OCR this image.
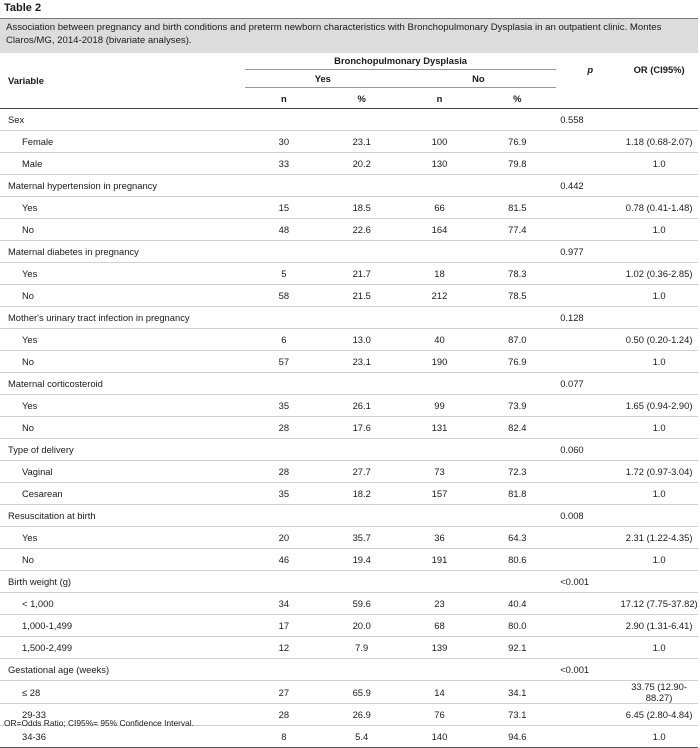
Table 2
Association between pregnancy and birth conditions and preterm newborn characteristics with Bronchopulmonary Dysplasia in an outpatient clinic. Montes Claros/MG, 2014-2018 (bivariate analyses).
Variable	Bronchopulmonary Dysplasia				p	OR (CI95%)
	Yes		No			
	n	%	n	%		
Sex					0.558	
Female	30	23.1	100	76.9		1.18 (0.68-2.07)
Male	33	20.2	130	79.8		1.0
Maternal hypertension in pregnancy					0.442	
Yes	15	18.5	66	81.5		0.78 (0.41-1.48)
No	48	22.6	164	77.4		1.0
Maternal diabetes in pregnancy					0.977	
Yes	5	21.7	18	78.3		1.02 (0.36-2.85)
No	58	21.5	212	78.5		1.0
Mother's urinary tract infection in pregnancy					0.128	
Yes	6	13.0	40	87.0		0.50 (0.20-1.24)
No	57	23.1	190	76.9		1.0
Maternal corticosteroid					0.077	
Yes	35	26.1	99	73.9		1.65 (0.94-2.90)
No	28	17.6	131	82.4		1.0
Type of delivery					0.060	
Vaginal	28	27.7	73	72.3		1.72 (0.97-3.04)
Cesarean	35	18.2	157	81.8		1.0
Resuscitation at birth					0.008	
Yes	20	35.7	36	64.3		2.31 (1.22-4.35)
No	46	19.4	191	80.6		1.0
Birth weight (g)					<0.001	
< 1,000	34	59.6	23	40.4		17.12 (7.75-37.82)
1,000-1,499	17	20.0	68	80.0		2.90 (1.31-6.41)
1,500-2,499	12	7.9	139	92.1		1.0
Gestational age (weeks)					<0.001	
≤ 28	27	65.9	14	34.1		33.75 (12.90-88.27)
29-33	28	26.9	76	73.1		6.45 (2.80-4.84)
34-36	8	5.4	140	94.6		1.0
OR=Odds Ratio; CI95%= 95% Confidence Interval.
